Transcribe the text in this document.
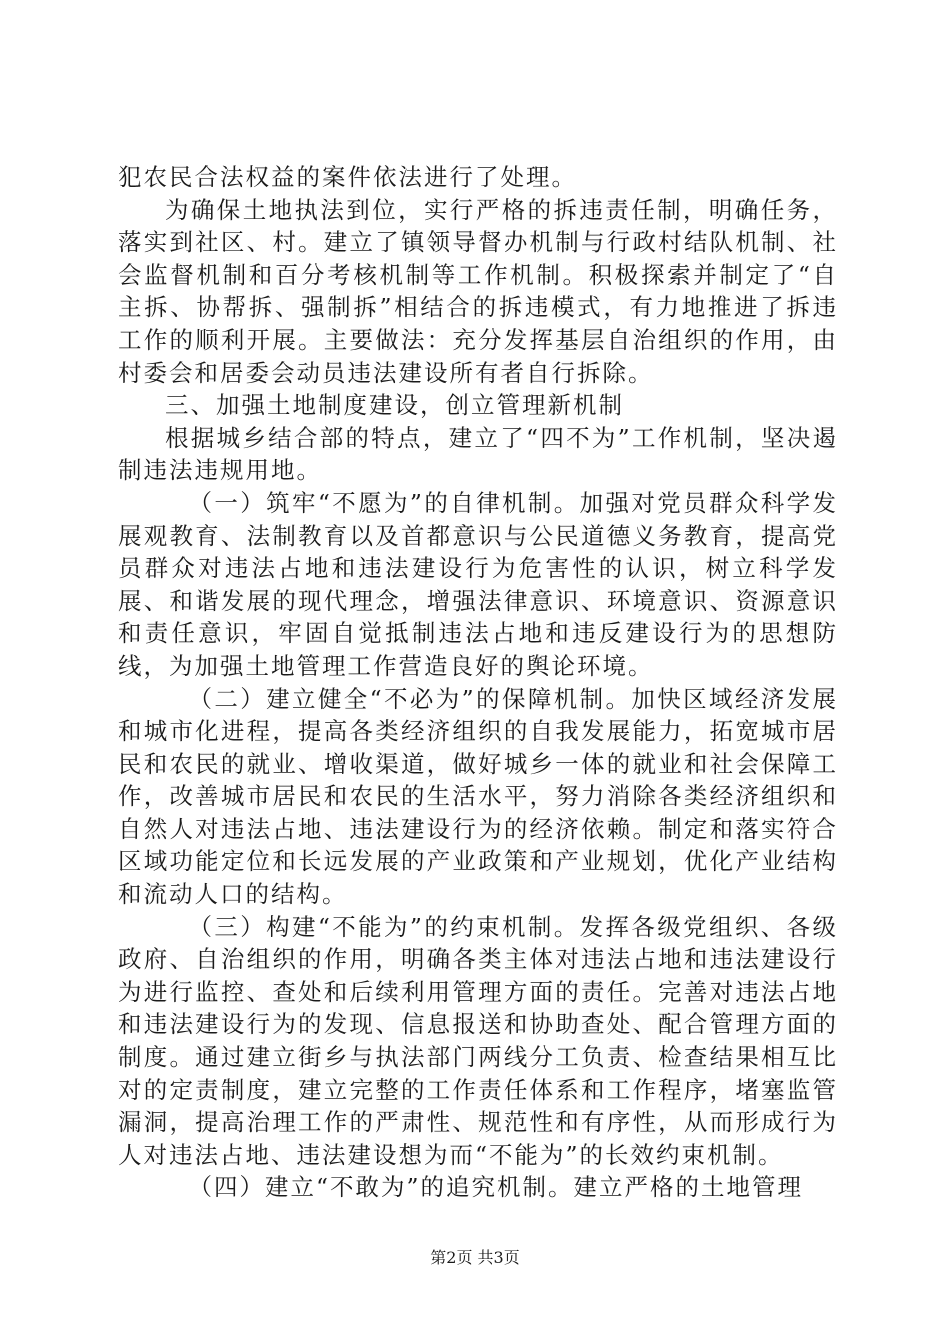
犯农民合法权益的案件依法进行了处理。

为确保土地执法到位，实行严格的拆违责任制，明确任务，落实到社区、村。建立了镇领导督办机制与行政村结队机制、社会监督机制和百分考核机制等工作机制。积极探索并制定了“自主拆、协帮拆、强制拆”相结合的拆违模式，有力地推进了拆违工作的顺利开展。主要做法：充分发挥基层自治组织的作用，由村委会和居委会动员违法建设所有者自行拆除。

三、加强土地制度建设，创立管理新机制

根据城乡结合部的特点，建立了“四不为”工作机制，坚决遏制违法违规用地。

（一）筑牢“不愿为”的自律机制。加强对党员群众科学发展观教育、法制教育以及首都意识与公民道德义务教育，提高党员群众对违法占地和违法建设行为危害性的认识，树立科学发展、和谐发展的现代理念，增强法律意识、环境意识、资源意识和责任意识，牢固自觉抵制违法占地和违反建设行为的思想防线，为加强土地管理工作营造良好的舆论环境。

（二）建立健全“不必为”的保障机制。加快区域经济发展和城市化进程，提高各类经济组织的自我发展能力，拓宽城市居民和农民的就业、增收渠道，做好城乡一体的就业和社会保障工作，改善城市居民和农民的生活水平，努力消除各类经济组织和自然人对违法占地、违法建设行为的经济依赖。制定和落实符合区域功能定位和长远发展的产业政策和产业规划，优化产业结构和流动人口的结构。

（三）构建“不能为”的约束机制。发挥各级党组织、各级政府、自治组织的作用，明确各类主体对违法占地和违法建设行为进行监控、查处和后续利用管理方面的责任。完善对违法占地和违法建设行为的发现、信息报送和协助查处、配合管理方面的制度。通过建立街乡与执法部门两线分工负责、检查结果相互比对的定责制度，建立完整的工作责任体系和工作程序，堵塞监管漏洞，提高治理工作的严肃性、规范性和有序性，从而形成行为人对违法占地、违法建设想为而“不能为”的长效约束机制。

（四）建立“不敢为”的追究机制。建立严格的土地管理

第2页 共3页
